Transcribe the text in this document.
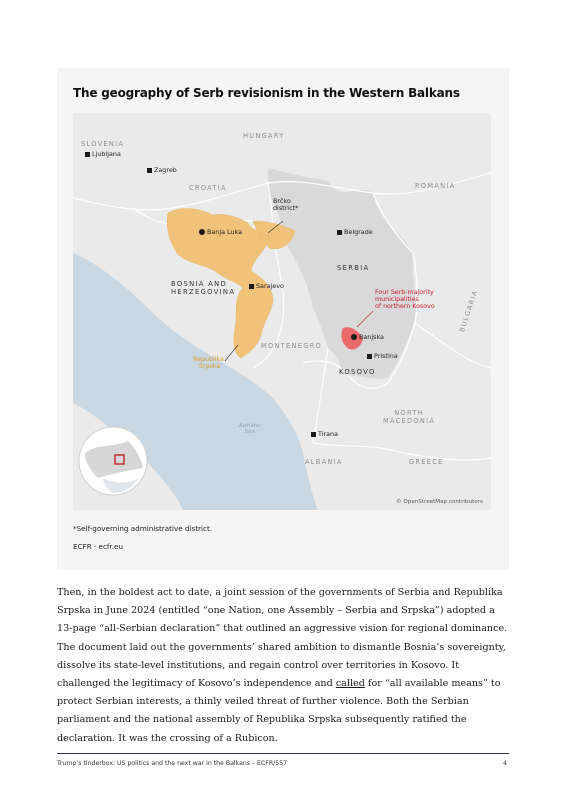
The geography of Serb revisionism in the Western Balkans
SLOVENIA
Ljubljana
HUNGARY
Zagreb
CROATIA	ROMANIA
Brčko
district*
Banja Luka	Belgrade
SERBIA
BOSNIA AND
HERZEGOVINA
Sarajevo
Four Serb-majority
municipalities
of northern Kosovo
Banjska
MONTENEGRO
Pristina
Republika
Srpska
KOSOVO
BULGARIA
NORTH
MACEDONIA
Adriatic
Sea	Tirana
ALBANIA	GREECE
© OpenStreetMap contributors
*Self-governing administrative district.
ECFR · ecfr.eu
Then, in the boldest act to date, a joint session of the governments of Serbia and Republika Srpska in June 2024 (entitled “one Nation, one Assembly – Serbia and Srpska”) adopted a 13-page “all-Serbian declaration” that outlined an aggressive vision for regional dominance. The document laid out the governments’ shared ambition to dismantle Bosnia’s sovereignty, dissolve its state-level institutions, and regain control over territories in Kosovo. It challenged the legitimacy of Kosovo’s independence and called for “all available means” to protect Serbian interests, a thinly veiled threat of further violence. Both the Serbian parliament and the national assembly of Republika Srpska subsequently ratified the declaration. It was the crossing of a Rubicon.
Trump’s tinderbox: US politics and the next war in the Balkans – ECFR/557	4
